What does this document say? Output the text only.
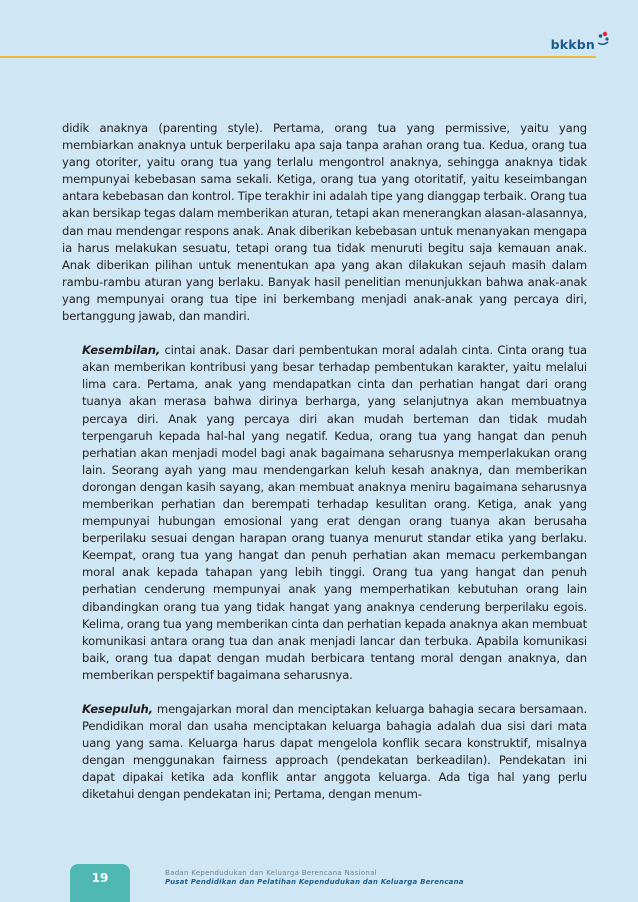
bkkbn

didik anaknya (parenting style). Pertama, orang tua yang permissive, yaitu yang membiarkan anaknya untuk berperilaku apa saja tanpa arahan orang tua. Kedua, orang tua yang otoriter, yaitu orang tua yang terlalu mengontrol anaknya, sehingga anaknya tidak mempunyai kebebasan sama sekali. Ketiga, orang tua yang otoritatif, yaitu keseimbangan antara kebebasan dan kontrol. Tipe terakhir ini adalah tipe yang dianggap terbaik. Orang tua akan bersikap tegas dalam memberikan aturan, tetapi akan menerangkan alasan-alasannya, dan mau mendengar respons anak. Anak diberikan kebebasan untuk menanyakan mengapa ia harus melakukan sesuatu, tetapi orang tua tidak menuruti begitu saja kemauan anak. Anak diberikan pilihan untuk menentukan apa yang akan dilakukan sejauh masih dalam rambu-rambu aturan yang berlaku. Banyak hasil penelitian menunjukkan bahwa anak-anak yang mempunyai orang tua tipe ini berkembang menjadi anak-anak yang percaya diri, bertanggung jawab, dan mandiri.

Kesembilan, cintai anak. Dasar dari pembentukan moral adalah cinta. Cinta orang tua akan memberikan kontribusi yang besar terhadap pembentukan karakter, yaitu melalui lima cara. Pertama, anak yang mendapatkan cinta dan perhatian hangat dari orang tuanya akan merasa bahwa dirinya berharga, yang selanjutnya akan membuatnya percaya diri. Anak yang percaya diri akan mudah berteman dan tidak mudah terpengaruh kepada hal-hal yang negatif. Kedua, orang tua yang hangat dan penuh perhatian akan menjadi model bagi anak bagaimana seharusnya memperlakukan orang lain. Seorang ayah yang mau mendengarkan keluh kesah anaknya, dan memberikan dorongan dengan kasih sayang, akan membuat anaknya meniru bagaimana seharusnya memberikan perhatian dan berempati terhadap kesulitan orang. Ketiga, anak yang mempunyai hubungan emosional yang erat dengan orang tuanya akan berusaha berperilaku sesuai dengan harapan orang tuanya menurut standar etika yang berlaku. Keempat, orang tua yang hangat dan penuh perhatian akan memacu perkembangan moral anak kepada tahapan yang lebih tinggi. Orang tua yang hangat dan penuh perhatian cenderung mempunyai anak yang memperhatikan kebutuhan orang lain dibandingkan orang tua yang tidak hangat yang anaknya cenderung berperilaku egois. Kelima, orang tua yang memberikan cinta dan perhatian kepada anaknya akan membuat komunikasi antara orang tua dan anak menjadi lancar dan terbuka. Apabila komunikasi baik, orang tua dapat dengan mudah berbicara tentang moral dengan anaknya, dan memberikan perspektif bagaimana seharusnya.

Kesepuluh, mengajarkan moral dan menciptakan keluarga bahagia secara bersamaan. Pendidikan moral dan usaha menciptakan keluarga bahagia adalah dua sisi dari mata uang yang sama. Keluarga harus dapat mengelola konflik secara konstruktif, misalnya dengan menggunakan fairness approach (pendekatan berkeadilan). Pendekatan ini dapat dipakai ketika ada konflik antar anggota keluarga. Ada tiga hal yang perlu diketahui dengan pendekatan ini; Pertama, dengan menum-

19	Badan Kependudukan dan Keluarga Berencana Nasional
Pusat Pendidikan dan Pelatihan Kependudukan dan Keluarga Berencana
